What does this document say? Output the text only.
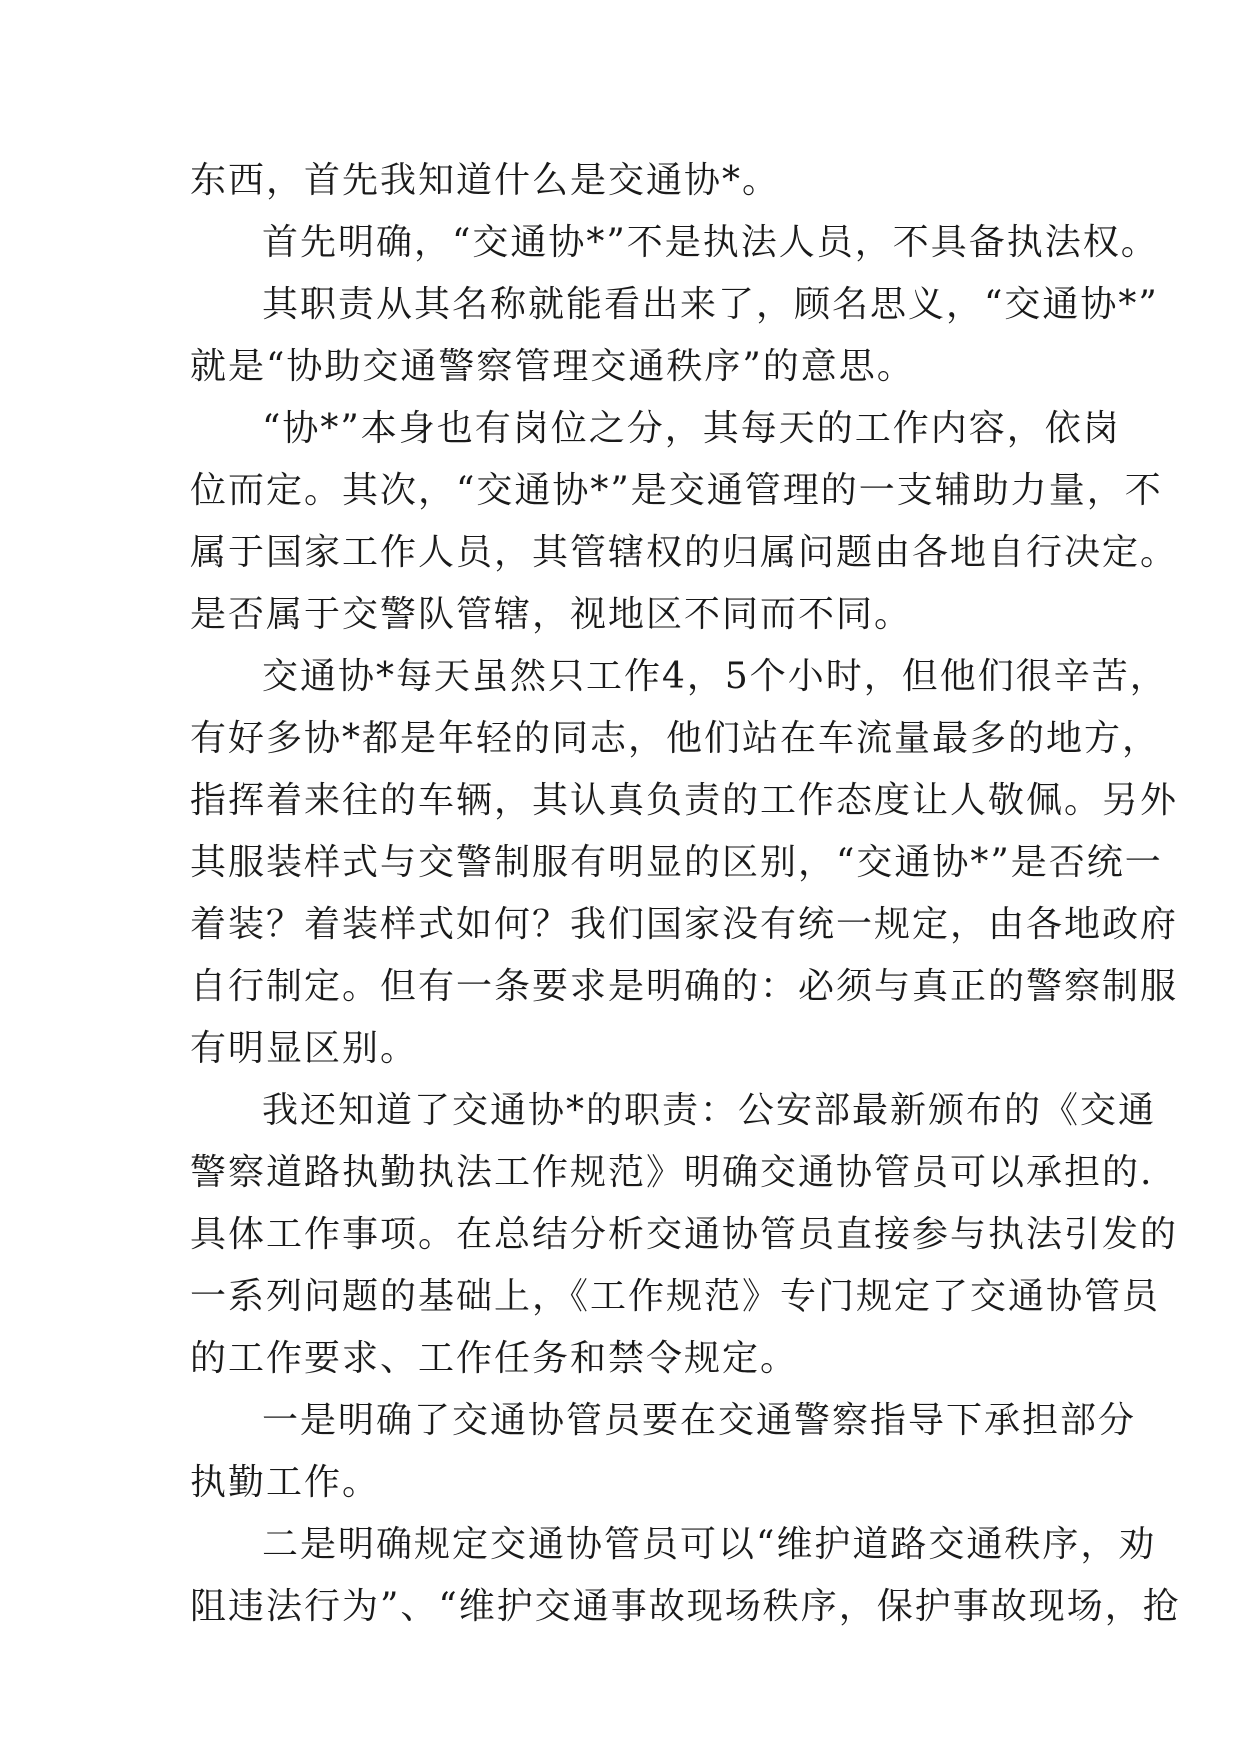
东西，首先我知道什么是交通协*。
首先明确，“交通协*”不是执法人员，不具备执法权。
其职责从其名称就能看出来了，顾名思义，“交通协*”
就是“协助交通警察管理交通秩序”的意思。
“协*”本身也有岗位之分，其每天的工作内容，依岗
位而定。其次，“交通协*”是交通管理的一支辅助力量，不
属于国家工作人员，其管辖权的归属问题由各地自行决定。
是否属于交警队管辖，视地区不同而不同。
交通协*每天虽然只工作4，5个小时，但他们很辛苦，
有好多协*都是年轻的同志，他们站在车流量最多的地方，
指挥着来往的车辆，其认真负责的工作态度让人敬佩。另外
其服装样式与交警制服有明显的区别，“交通协*”是否统一
着装？着装样式如何？我们国家没有统一规定，由各地政府
自行制定。但有一条要求是明确的：必须与真正的警察制服
有明显区别。
我还知道了交通协*的职责：公安部最新颁布的《交通
警察道路执勤执法工作规范》明确交通协管员可以承担的.
具体工作事项。在总结分析交通协管员直接参与执法引发的
一系列问题的基础上，《工作规范》专门规定了交通协管员
的工作要求、工作任务和禁令规定。
一是明确了交通协管员要在交通警察指导下承担部分
执勤工作。
二是明确规定交通协管员可以“维护道路交通秩序，劝
阻违法行为”、“维护交通事故现场秩序，保护事故现场，抢
